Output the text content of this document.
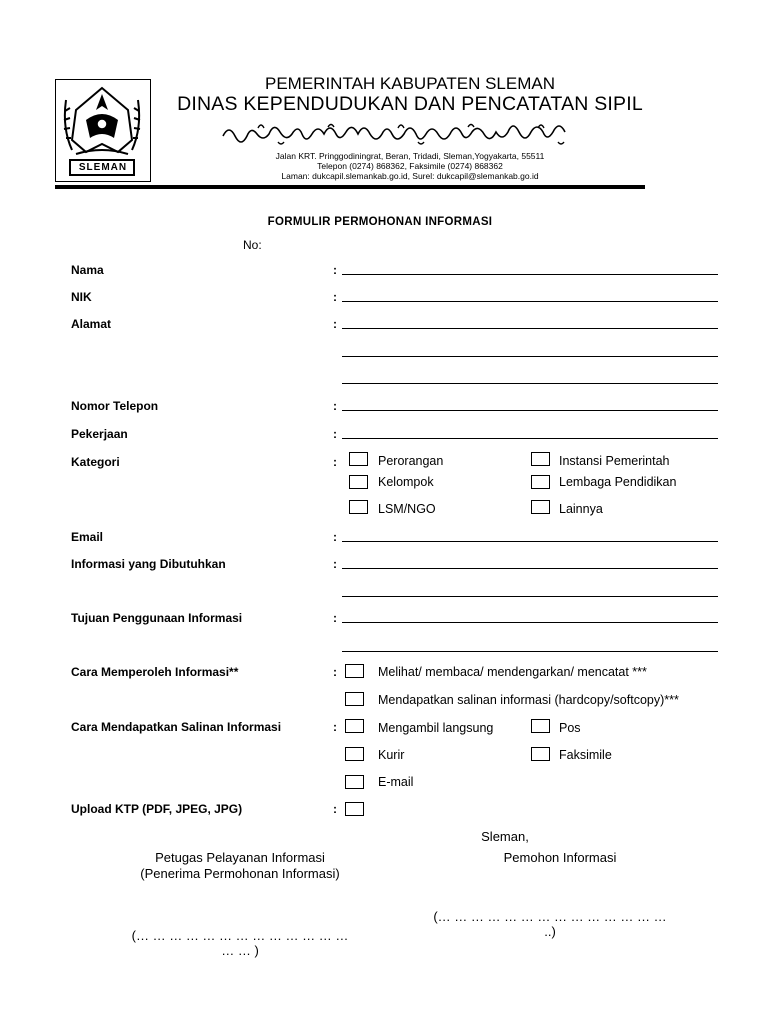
SLEMAN
PEMERINTAH KABUPATEN SLEMAN
DINAS KEPENDUDUKAN DAN PENCATATAN SIPIL
Jalan KRT. Pringgodiningrat, Beran, Tridadi, Sleman,Yogyakarta, 55511
Telepon (0274) 868362, Faksimile (0274) 868362
Laman: dukcapil.slemankab.go.id, Surel: dukcapil@slemankab.go.id
FORMULIR PERMOHONAN INFORMASI
No:
Nama	:
NIK	:
Alamat	:
Nomor Telepon	:
Pekerjaan	:
Kategori	:	Perorangan	Instansi Pemerintah
Kelompok	Lembaga Pendidikan
LSM/NGO	Lainnya
Email	:
Informasi yang Dibutuhkan	:
Tujuan Penggunaan Informasi	:
Cara Memperoleh Informasi**	:	Melihat/ membaca/ mendengarkan/ mencatat ***
Mendapatkan salinan informasi (hardcopy/softcopy)***
Cara Mendapatkan Salinan Informasi	:	Mengambil langsung	Pos
Kurir	Faksimile
E-mail
Upload KTP (PDF, JPEG, JPG)	:
Sleman,
Petugas Pelayanan Informasi	Pemohon Informasi
(Penerima Permohonan Informasi)
(… … … … … … … … … … … … … … ..)
(… … … … … … … … … … … … … … … )
